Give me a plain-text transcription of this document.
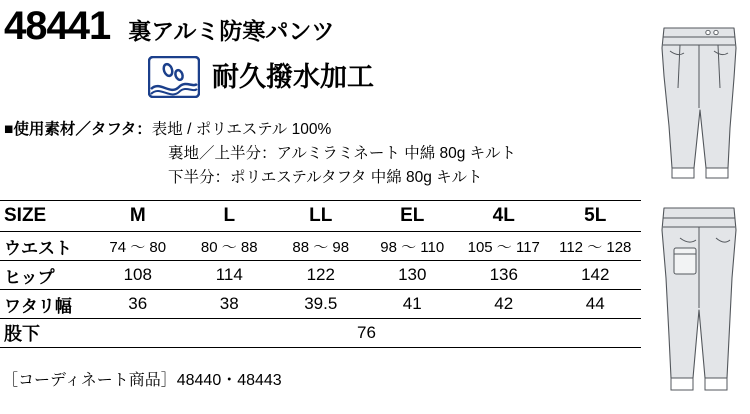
48441 裏アルミ防寒パンツ
耐久撥水加工
■使用素材／タフタ： 表地 / ポリエステル 100%
裏地／上半分：アルミラミネート 中綿 80g キルト
下半分：ポリエステルタフタ 中綿 80g キルト
SIZE	M	L	LL	EL	4L	5L
ウエスト	74 ～ 80	80 ～ 88	88 ～ 98	98 ～ 110	105 ～ 117	112 ～ 128
ヒップ	108	114	122	130	136	142
ワタリ幅	36	38	39.5	41	42	44
股下	76					
［コーディネート商品］48440・48443
